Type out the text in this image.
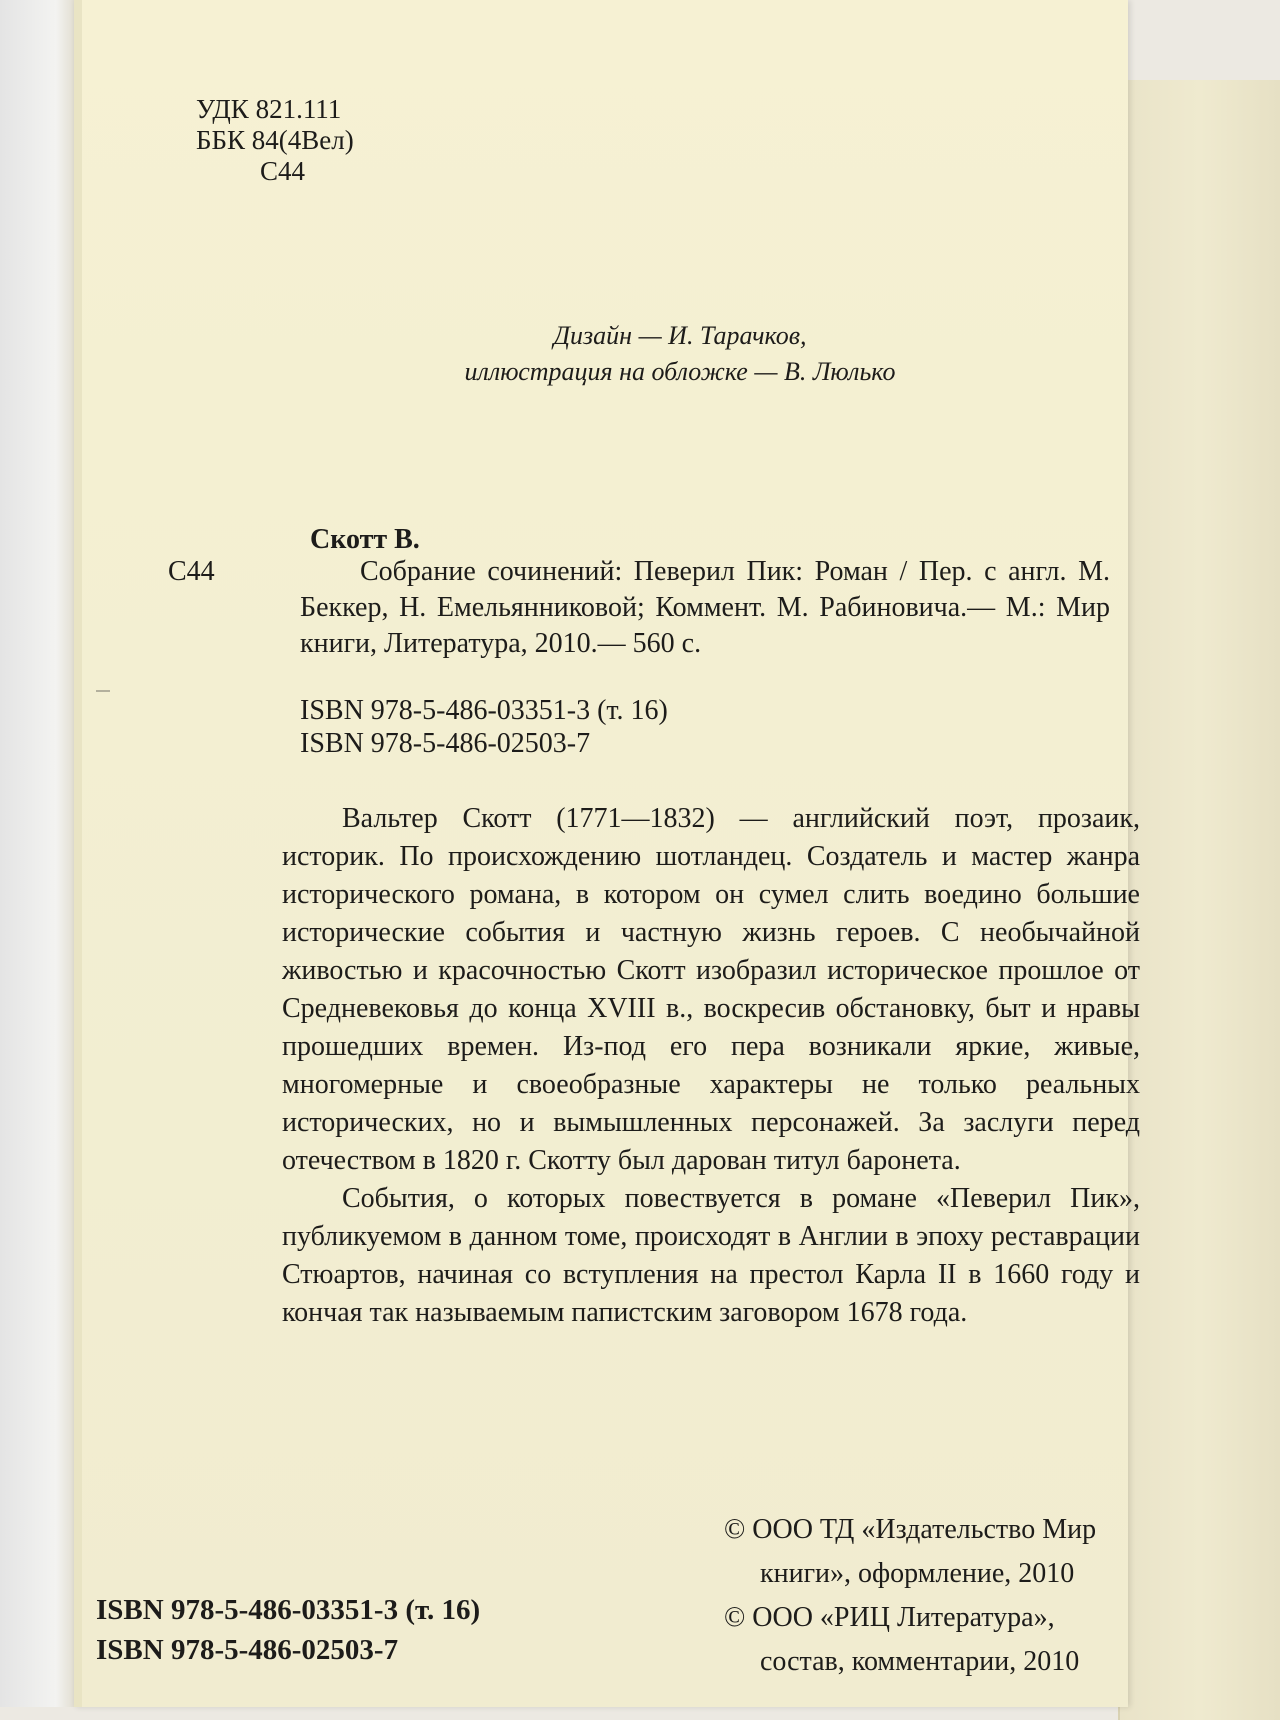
УДК 821.111
ББК 84(4Вел)
С44
Дизайн — И. Тарачков,
иллюстрация на обложке — В. Люлько
Скотт В.
С44	Собрание сочинений: Певерил Пик: Роман / Пер. с англ. М. Беккер, Н. Емельянниковой; Коммент. М. Рабиновича.— М.: Мир книги, Литература, 2010.— 560 с.
ISBN 978-5-486-03351-3 (т. 16)
ISBN 978-5-486-02503-7

Вальтер Скотт (1771—1832) — английский поэт, прозаик, историк. По происхождению шотландец. Создатель и мастер жанра исторического романа, в котором он сумел слить воедино большие исторические события и частную жизнь героев. С необычайной живостью и красочностью Скотт изобразил историческое прошлое от Средневековья до конца XVIII в., воскресив обстановку, быт и нравы прошедших времен. Из-под его пера возникали яркие, живые, многомерные и своеобразные характеры не только реальных исторических, но и вымышленных персонажей. За заслуги перед отечеством в 1820 г. Скотту был дарован титул баронета.

События, о которых повествуется в романе «Певерил Пик», публикуемом в данном томе, происходят в Англии в эпоху реставрации Стюартов, начиная со вступления на престол Карла II в 1660 году и кончая так называемым папистским заговором 1678 года.

ISBN 978-5-486-03351-3 (т. 16)
ISBN 978-5-486-02503-7
© ООО ТД «Издательство Мир
книги», оформление, 2010
© ООО «РИЦ Литература»,
состав, комментарии, 2010
